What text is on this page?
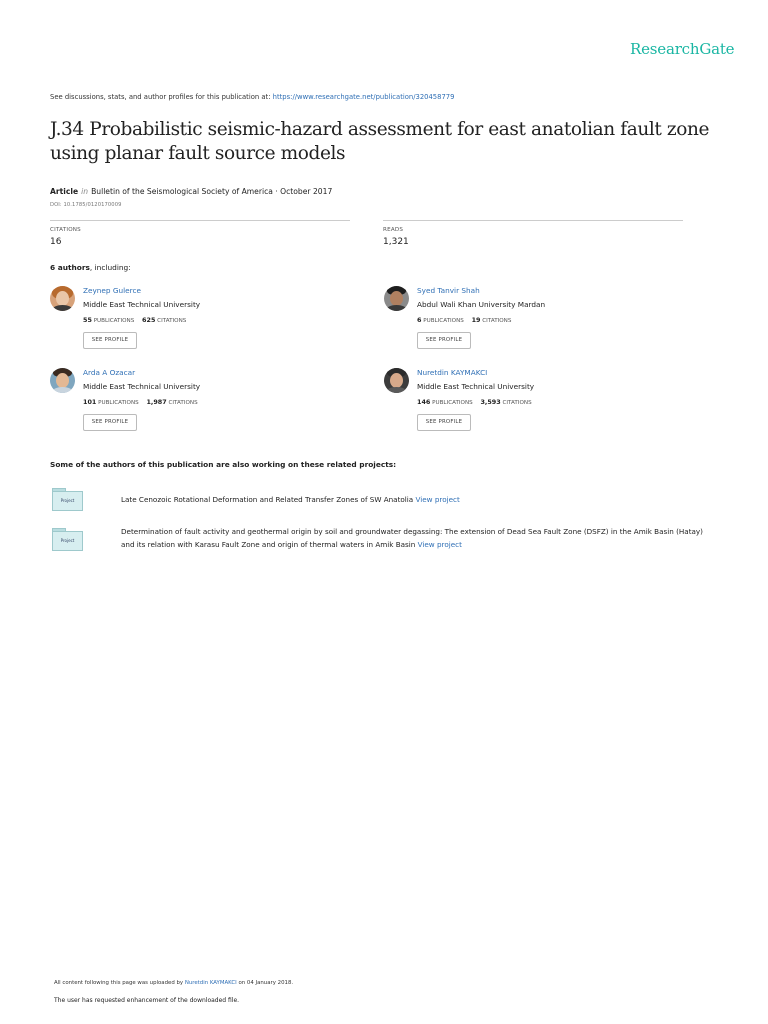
ResearchGate
See discussions, stats, and author profiles for this publication at: https://www.researchgate.net/publication/320458779
J.34 Probabilistic seismic-hazard assessment for east anatolian fault zone using planar fault source models
Article in Bulletin of the Seismological Society of America · October 2017
DOI: 10.1785/0120170009
CITATIONS
16
READS
1,321
6 authors, including:
Zeynep Gulerce
Middle East Technical University
55 PUBLICATIONS 625 CITATIONS
SEE PROFILE
Syed Tanvir Shah
Abdul Wali Khan University Mardan
6 PUBLICATIONS 19 CITATIONS
SEE PROFILE
Arda A Ozacar
Middle East Technical University
101 PUBLICATIONS 1,987 CITATIONS
SEE PROFILE
Nuretdin KAYMAKCI
Middle East Technical University
146 PUBLICATIONS 3,593 CITATIONS
SEE PROFILE
Some of the authors of this publication are also working on these related projects:
Project	Late Cenozoic Rotational Deformation and Related Transfer Zones of SW Anatolia View project
Project
Determination of fault activity and geothermal origin by soil and groundwater degassing: The extension of Dead Sea Fault Zone (DSFZ) in the Amik Basin (Hatay) and its relation with Karasu Fault Zone and origin of thermal waters in Amik Basin View project
All content following this page was uploaded by Nuretdin KAYMAKCI on 04 January 2018.
The user has requested enhancement of the downloaded file.
